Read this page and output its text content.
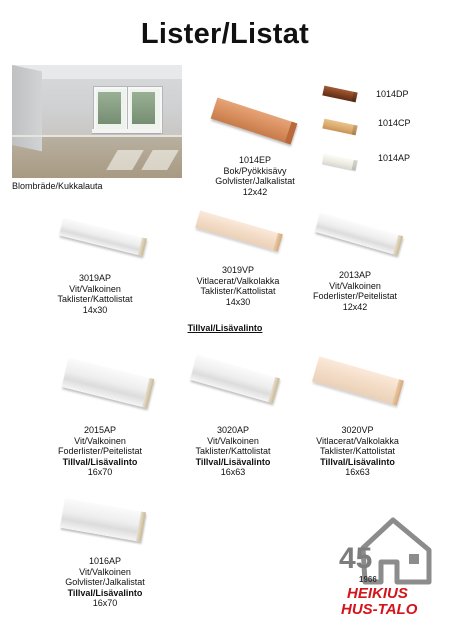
Lister/Listat
Blombräde/Kukkalauta
1014EP
Bok/Pyökkisävy
Golvlister/Jalkalistat
12x42
1014DP
1014CP
1014AP
3019AP
Vit/Valkoinen
Taklister/Kattolistat
14x30
3019VP
Vitlacerat/Valkolakka
Taklister/Kattolistat
14x30
2013AP
Vit/Valkoinen
Foderlister/Peitelistat
12x42
Tillval/Lisävalinto
2015AP
Vit/Valkoinen
Foderlister/Peitelistat
Tillval/Lisävalinto
16x70
3020AP
Vit/Valkoinen
Taklister/Kattolistat
Tillval/Lisävalinto
16x63
3020VP
Vitlacerat/Valkolakka
Taklister/Kattolistat
Tillval/Lisävalinto
16x63
1016AP
Vit/Valkoinen
Golvlister/Jalkalistat
Tillval/Lisävalinto
16x70
45
1966
HEIKIUS
HUS-TALO
